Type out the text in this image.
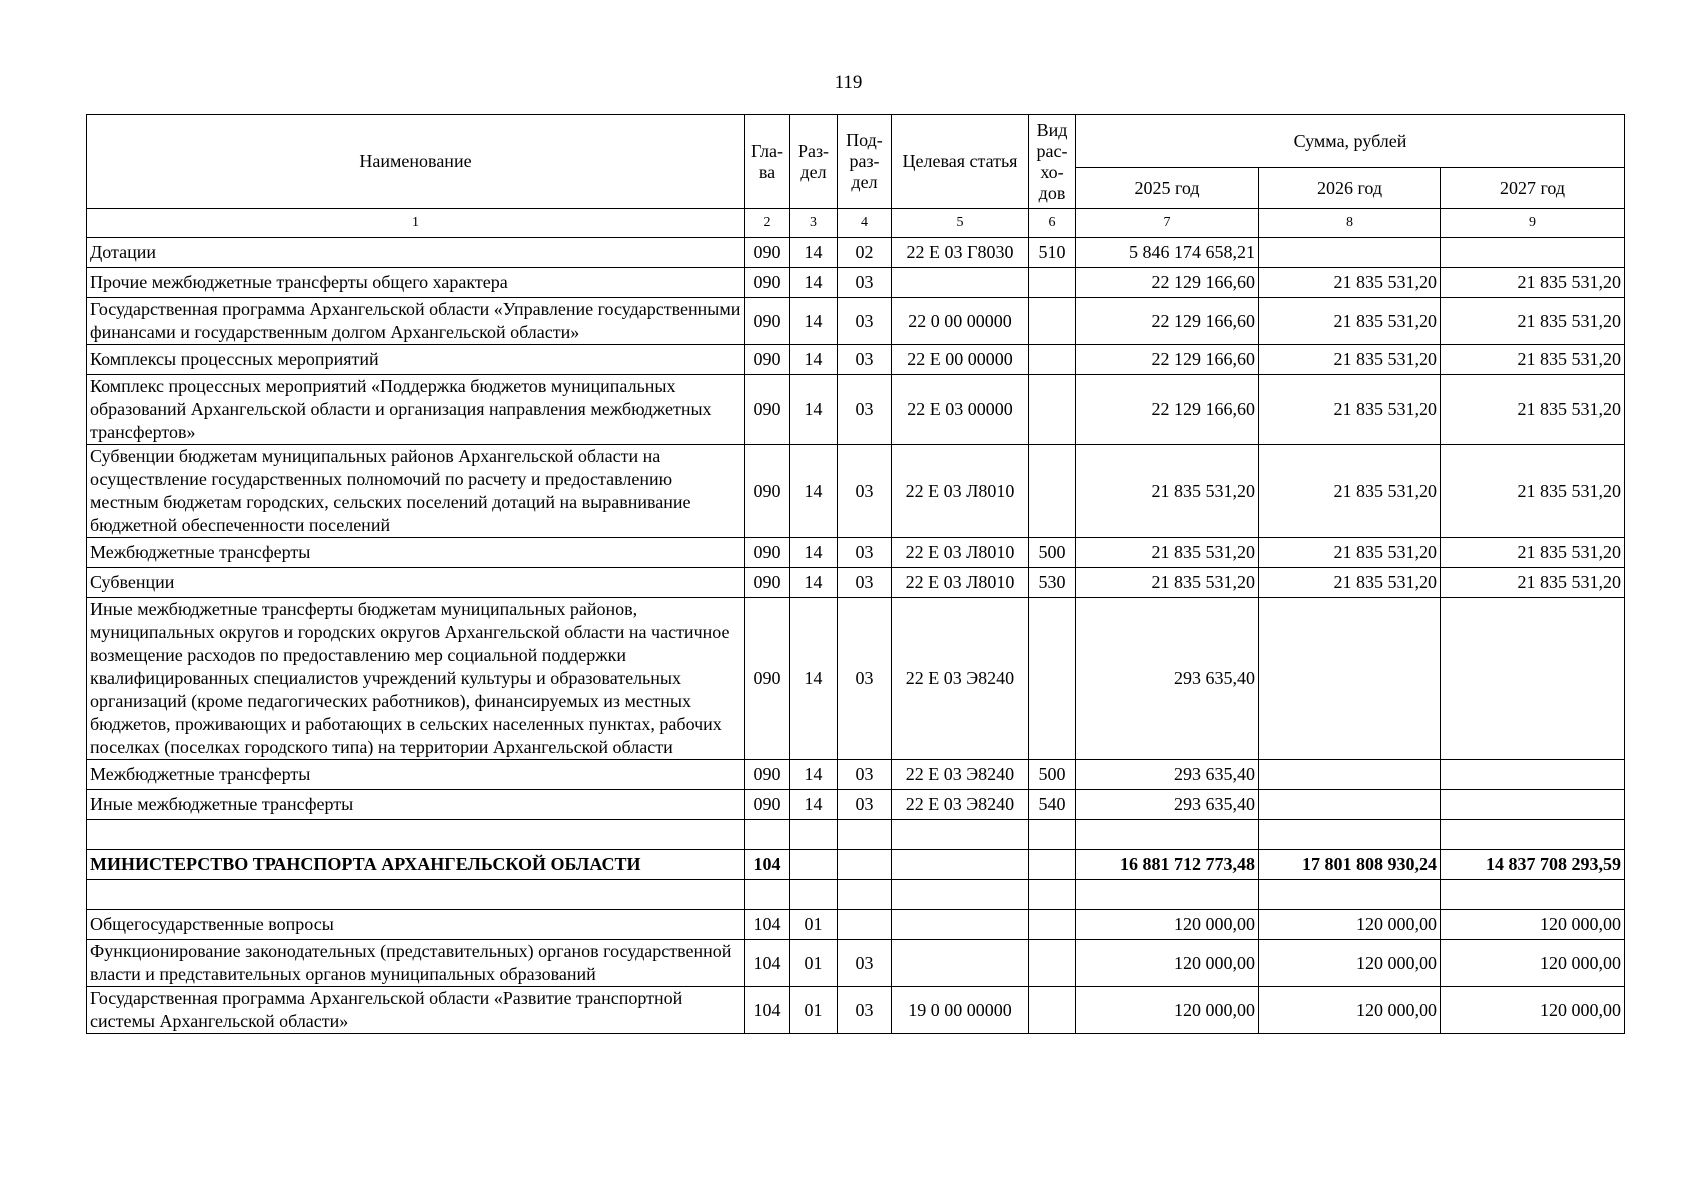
119
Наименование	Гла-ва	Раз-дел	Под-раз-дел	Целевая статья	Вид рас-хо-дов	Сумма, рублей		
						2025 год	2026 год	2027 год
1	2	3	4	5	6	7	8	9
Дотации	090	14	02	22 Е 03 Г8030	510	5 846 174 658,21		
Прочие межбюджетные трансферты общего характера	090	14	03			22 129 166,60	21 835 531,20	21 835 531,20
Государственная программа Архангельской области «Управление государственными финансами и государственным долгом Архангельской области»	090	14	03	22 0 00 00000		22 129 166,60	21 835 531,20	21 835 531,20
Комплексы процессных мероприятий	090	14	03	22 Е 00 00000		22 129 166,60	21 835 531,20	21 835 531,20
Комплекс процессных мероприятий «Поддержка бюджетов муниципальных образований Архангельской области и организация направления межбюджетных трансфертов»	090	14	03	22 Е 03 00000		22 129 166,60	21 835 531,20	21 835 531,20
Субвенции бюджетам муниципальных районов Архангельской области на осуществление государственных полномочий по расчету и предоставлению местным бюджетам городских, сельских поселений дотаций на выравнивание бюджетной обеспеченности поселений	090	14	03	22 Е 03 Л8010		21 835 531,20	21 835 531,20	21 835 531,20
Межбюджетные трансферты	090	14	03	22 Е 03 Л8010	500	21 835 531,20	21 835 531,20	21 835 531,20
Субвенции	090	14	03	22 Е 03 Л8010	530	21 835 531,20	21 835 531,20	21 835 531,20
Иные межбюджетные трансферты бюджетам муниципальных районов, муниципальных округов и городских округов Архангельской области на частичное возмещение расходов по предоставлению мер социальной поддержки квалифицированных специалистов учреждений культуры и образовательных организаций (кроме педагогических работников), финансируемых из местных бюджетов, проживающих и работающих в сельских населенных пунктах, рабочих поселках (поселках городского типа) на территории Архангельской области	090	14	03	22 Е 03 Э8240		293 635,40		
Межбюджетные трансферты	090	14	03	22 Е 03 Э8240	500	293 635,40		
Иные межбюджетные трансферты	090	14	03	22 Е 03 Э8240	540	293 635,40		

МИНИСТЕРСТВО ТРАНСПОРТА АРХАНГЕЛЬСКОЙ ОБЛАСТИ	104					16 881 712 773,48	17 801 808 930,24	14 837 708 293,59

Общегосударственные вопросы	104	01				120 000,00	120 000,00	120 000,00
Функционирование законодательных (представительных) органов государственной власти и представительных органов муниципальных образований	104	01	03			120 000,00	120 000,00	120 000,00
Государственная программа Архангельской области «Развитие транспортной системы Архангельской области»	104	01	03	19 0 00 00000		120 000,00	120 000,00	120 000,00
